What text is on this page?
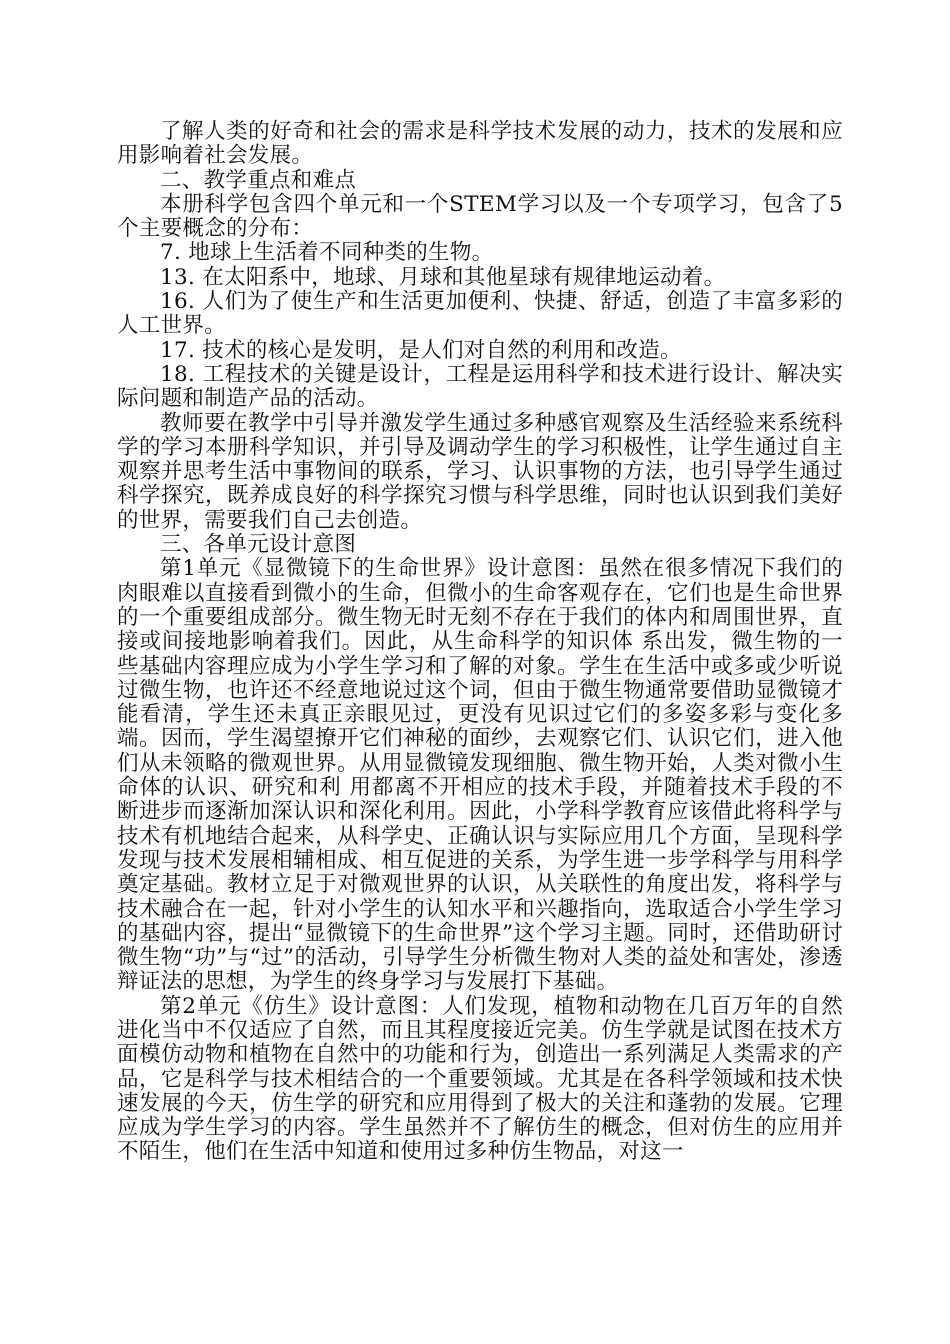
了解人类的好奇和社会的需求是科学技术发展的动力，技术的发展和应用影响着社会发展。

二、教学重点和难点

本册科学包含四个单元和一个STEM学习以及一个专项学习，包含了5个主要概念的分布：

7. 地球上生活着不同种类的生物。

13. 在太阳系中，地球、月球和其他星球有规律地运动着。

16. 人们为了使生产和生活更加便利、快捷、舒适，创造了丰富多彩的人工世界。

17. 技术的核心是发明，是人们对自然的利用和改造。

18. 工程技术的关键是设计，工程是运用科学和技术进行设计、解决实际问题和制造产品的活动。

教师要在教学中引导并激发学生通过多种感官观察及生活经验来系统科学的学习本册科学知识，并引导及调动学生的学习积极性，让学生通过自主观察并思考生活中事物间的联系，学习、认识事物的方法，也引导学生通过科学探究，既养成良好的科学探究习惯与科学思维，同时也认识到我们美好的世界，需要我们自己去创造。

三、各单元设计意图

第1单元《显微镜下的生命世界》设计意图：虽然在很多情况下我们的肉眼难以直接看到微小的生命，但微小的生命客观存在，它们也是生命世界的一个重要组成部分。微生物无时无刻不存在于我们的体内和周围世界，直接或间接地影响着我们。因此，从生命科学的知识体 系出发，微生物的一些基础内容理应成为小学生学习和了解的对象。学生在生活中或多或少听说过微生物，也许还不经意地说过这个词，但由于微生物通常要借助显微镜才能看清，学生还未真正亲眼见过，更没有见识过它们的多姿多彩与变化多端。因而，学生渴望撩开它们神秘的面纱，去观察它们、认识它们，进入他们从未领略的微观世界。从用显微镜发现细胞、微生物开始，人类对微小生命体的认识、研究和利 用都离不开相应的技术手段，并随着技术手段的不断进步而逐渐加深认识和深化利用。因此，小学科学教育应该借此将科学与技术有机地结合起来，从科学史、正确认识与实际应用几个方面，呈现科学发现与技术发展相辅相成、相互促进的关系，为学生进一步学科学与用科学奠定基础。教材立足于对微观世界的认识，从关联性的角度出发，将科学与技术融合在一起，针对小学生的认知水平和兴趣指向，选取适合小学生学习的基础内容，提出“显微镜下的生命世界”这个学习主题。同时，还借助研讨微生物“功”与“过”的活动，引导学生分析微生物对人类的益处和害处，渗透辩证法的思想，为学生的终身学习与发展打下基础。

第2单元《仿生》设计意图：人们发现，植物和动物在几百万年的自然进化当中不仅适应了自然，而且其程度接近完美。仿生学就是试图在技术方面模仿动物和植物在自然中的功能和行为，创造出一系列满足人类需求的产品，它是科学与技术相结合的一个重要领域。尤其是在各科学领域和技术快速发展的今天，仿生学的研究和应用得到了极大的关注和蓬勃的发展。它理应成为学生学习的内容。学生虽然并不了解仿生的概念，但对仿生的应用并不陌生，他们在生活中知道和使用过多种仿生物品，对这一
